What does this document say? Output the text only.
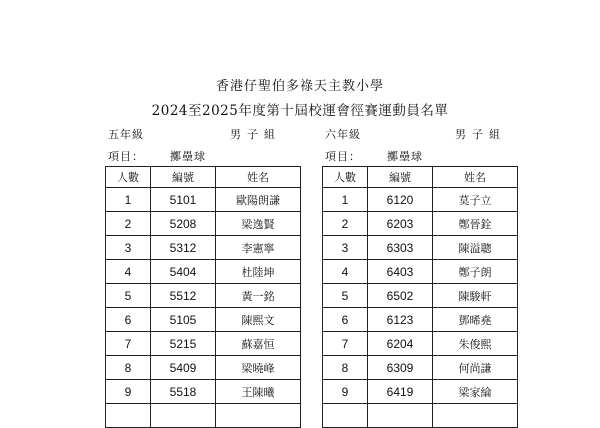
香港仔聖伯多祿天主教小學
2024至2025年度第十屆校運會徑賽運動員名單
五年級	男子組
項目： 擲壘球
人數	編號	姓名
1	5101	歐陽朗謙
2	5208	梁逸賢
3	5312	李憲寧
4	5404	杜陸坤
5	5512	黃一銘
6	5105	陳熙文
7	5215	蘇嘉恒
8	5409	梁曉峰
9	5518	王陳曦

六年級	男子組
項目： 擲壘球
人數	編號	姓名
1	6120	莫子立
2	6203	鄭晉銓
3	6303	陳溢聰
4	6403	鄭子朗
5	6502	陳駿軒
6	6123	鄧晞堯
7	6204	朱俊熙
8	6309	何尚謙
9	6419	梁家綸
